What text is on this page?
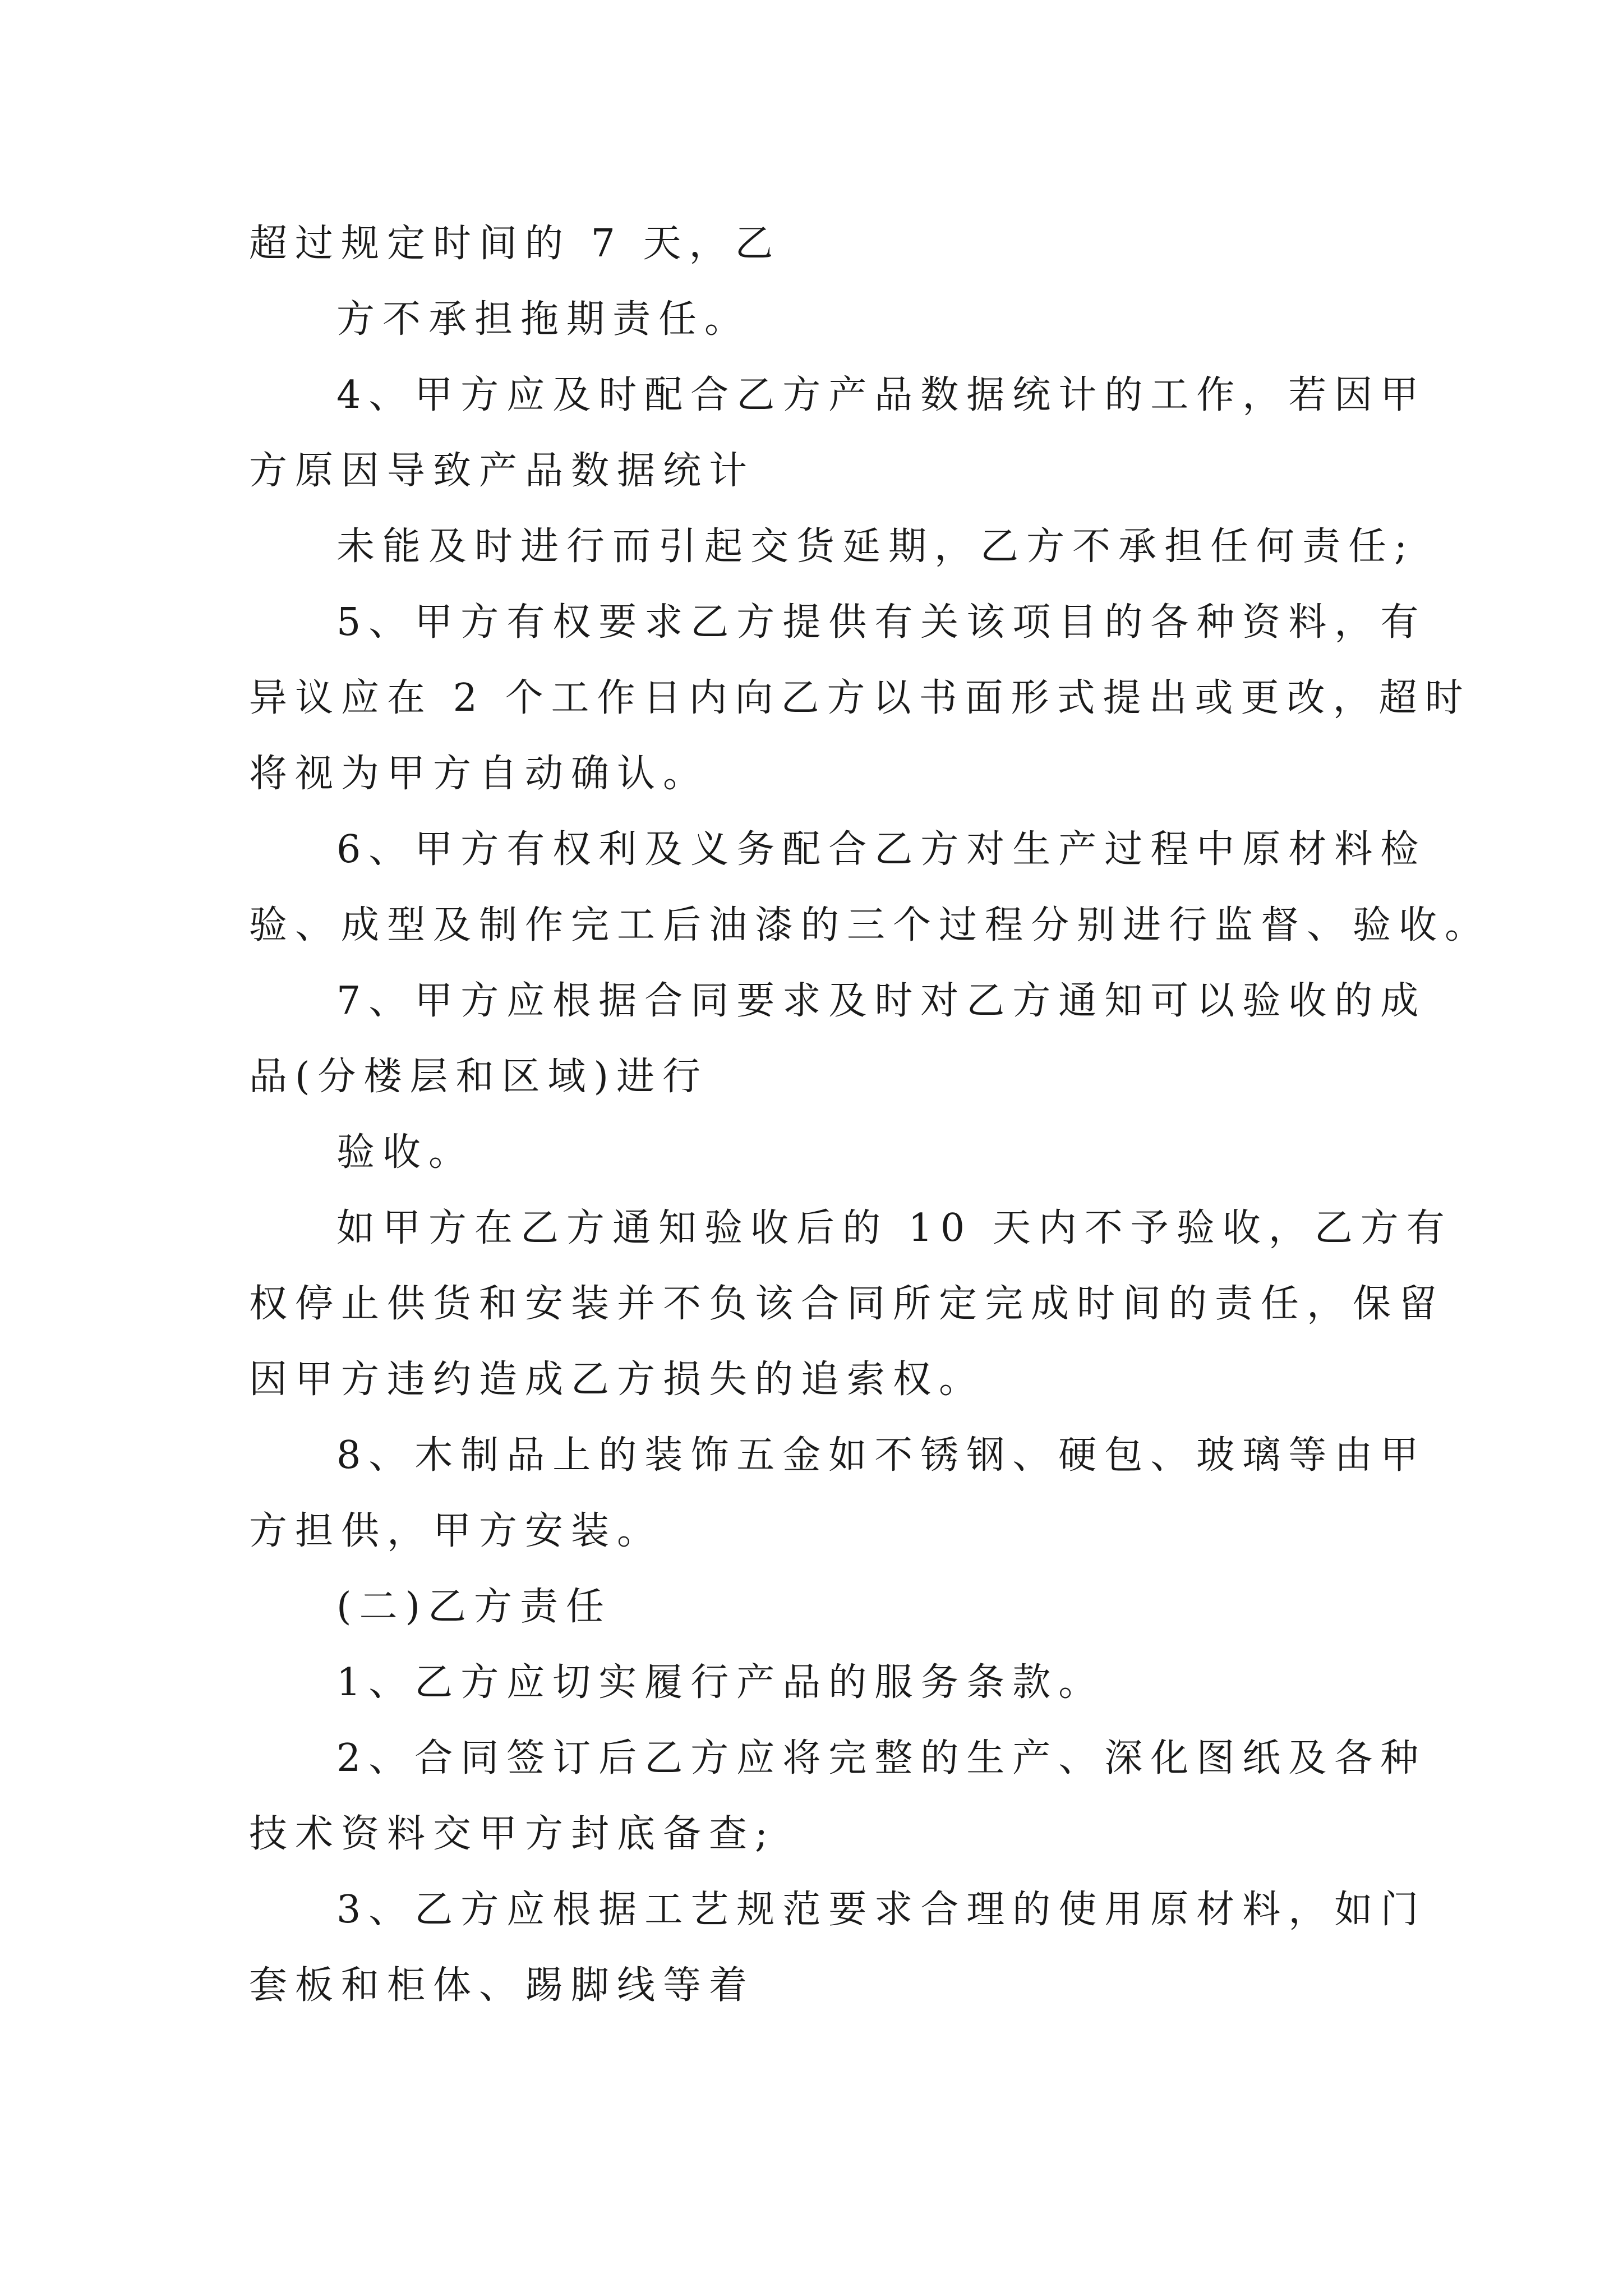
超过规定时间的 7 天，乙
方不承担拖期责任。
4、甲方应及时配合乙方产品数据统计的工作，若因甲
方原因导致产品数据统计
未能及时进行而引起交货延期，乙方不承担任何责任;
5、甲方有权要求乙方提供有关该项目的各种资料，有
异议应在 2 个工作日内向乙方以书面形式提出或更改，超时
将视为甲方自动确认。
6、甲方有权利及义务配合乙方对生产过程中原材料检
验、成型及制作完工后油漆的三个过程分别进行监督、验收。
7、甲方应根据合同要求及时对乙方通知可以验收的成
品(分楼层和区域)进行
验收。
如甲方在乙方通知验收后的 10 天内不予验收，乙方有
权停止供货和安装并不负该合同所定完成时间的责任，保留
因甲方违约造成乙方损失的追索权。
8、木制品上的装饰五金如不锈钢、硬包、玻璃等由甲
方担供，甲方安装。
(二)乙方责任
1、乙方应切实履行产品的服务条款。
2、合同签订后乙方应将完整的生产、深化图纸及各种
技术资料交甲方封底备查;
3、乙方应根据工艺规范要求合理的使用原材料，如门
套板和柜体、踢脚线等着
